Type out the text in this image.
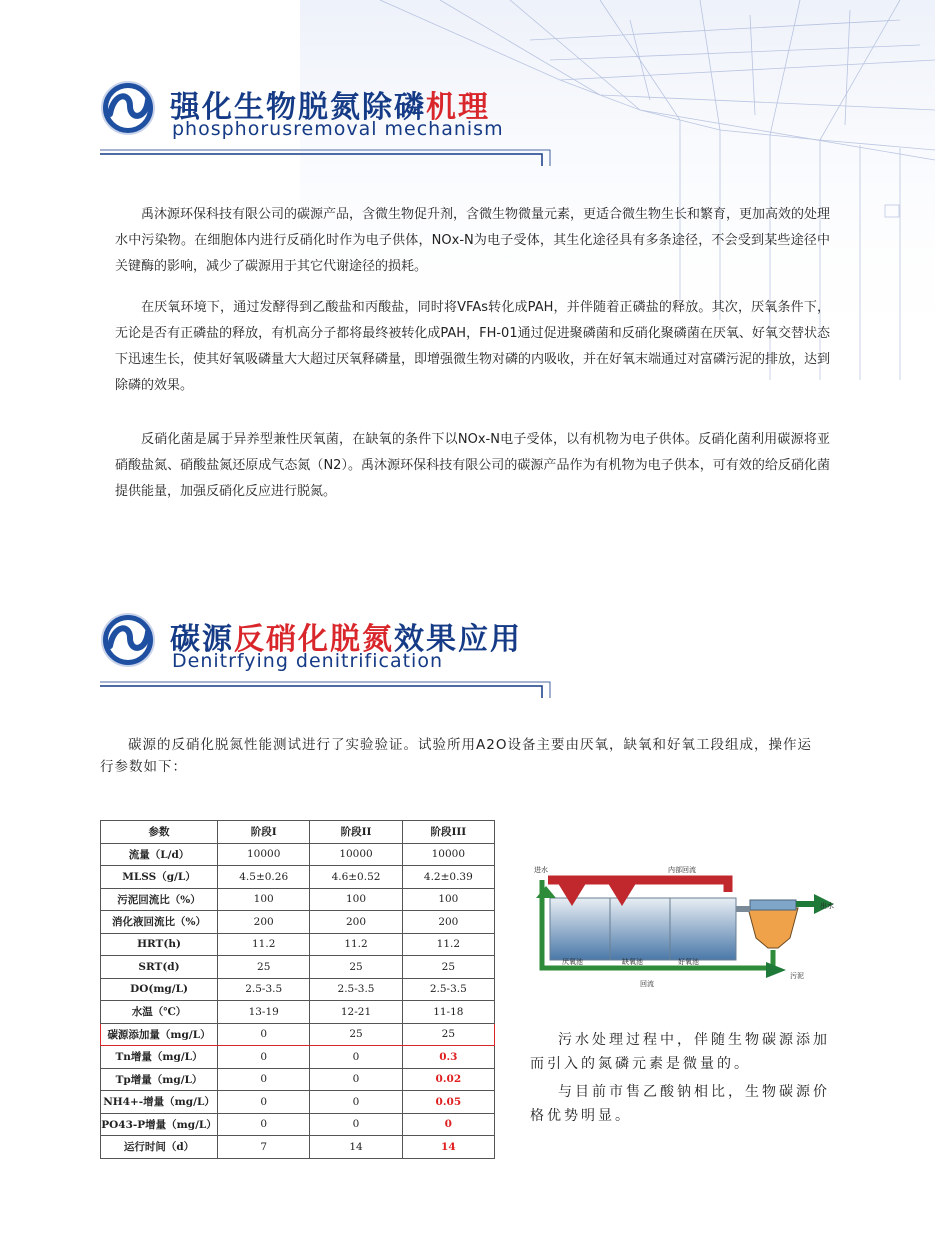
强化生物脱氮除磷机理
phosphorusremoval mechanism

禹沐源环保科技有限公司的碳源产品，含微生物促升剂，含微生物微量元素，更适合微生物生长和繁育，更加高效的处理水中污染物。在细胞体内进行反硝化时作为电子供体，NOx-N为电子受体，其生化途径具有多条途径，不会受到某些途径中关键酶的影响，减少了碳源用于其它代谢途径的损耗。

在厌氧环境下，通过发酵得到乙酸盐和丙酸盐，同时将VFAs转化成PAH，并伴随着正磷盐的释放。其次，厌氧条件下，无论是否有正磷盐的释放，有机高分子都将最终被转化成PAH，FH-01通过促进聚磷菌和反硝化聚磷菌在厌氧、好氧交替状态下迅速生长，使其好氧吸磷量大大超过厌氧释磷量，即增强微生物对磷的内吸收，并在好氧末端通过对富磷污泥的排放，达到除磷的效果。

反硝化菌是属于异养型兼性厌氧菌，在缺氧的条件下以NOx-N电子受体，以有机物为电子供体。反硝化菌利用碳源将亚硝酸盐氮、硝酸盐氮还原成气态氮（N2）。禹沐源环保科技有限公司的碳源产品作为有机物为电子供本，可有效的给反硝化菌提供能量，加强反硝化反应进行脱氮。

碳源反硝化脱氮效果应用
Denitrfying denitrification

碳源的反硝化脱氮性能测试进行了实验验证。试验所用A2O设备主要由厌氧，缺氧和好氧工段组成，操作运行参数如下：

参数	阶段I	阶段II	阶段III
流量（L/d）	10000	10000	10000
MLSS（g/L）	4.5±0.26	4.6±0.52	4.2±0.39
污泥回流比（%）	100	100	100
消化液回流比（%）	200	200	200
HRT(h)	11.2	11.2	11.2
SRT(d)	25	25	25
DO(mg/L)	2.5-3.5	2.5-3.5	2.5-3.5
水温（℃）	13-19	12-21	11-18
碳源添加量（mg/L）	0	25	25
Tn增量（mg/L）	0	0	0.3
Tp增量（mg/L）	0	0	0.02
NH4+-增量（mg/L）	0	0	0.05
PO43-P增量（mg/L）	0	0	0
运行时间（d）	7	14	14
进水	内部回流
出水
厌氧池	缺氧池	好氧池
回流
污泥

污水处理过程中，伴随生物碳源添加而引入的氮磷元素是微量的。

与目前市售乙酸钠相比，生物碳源价格优势明显。
